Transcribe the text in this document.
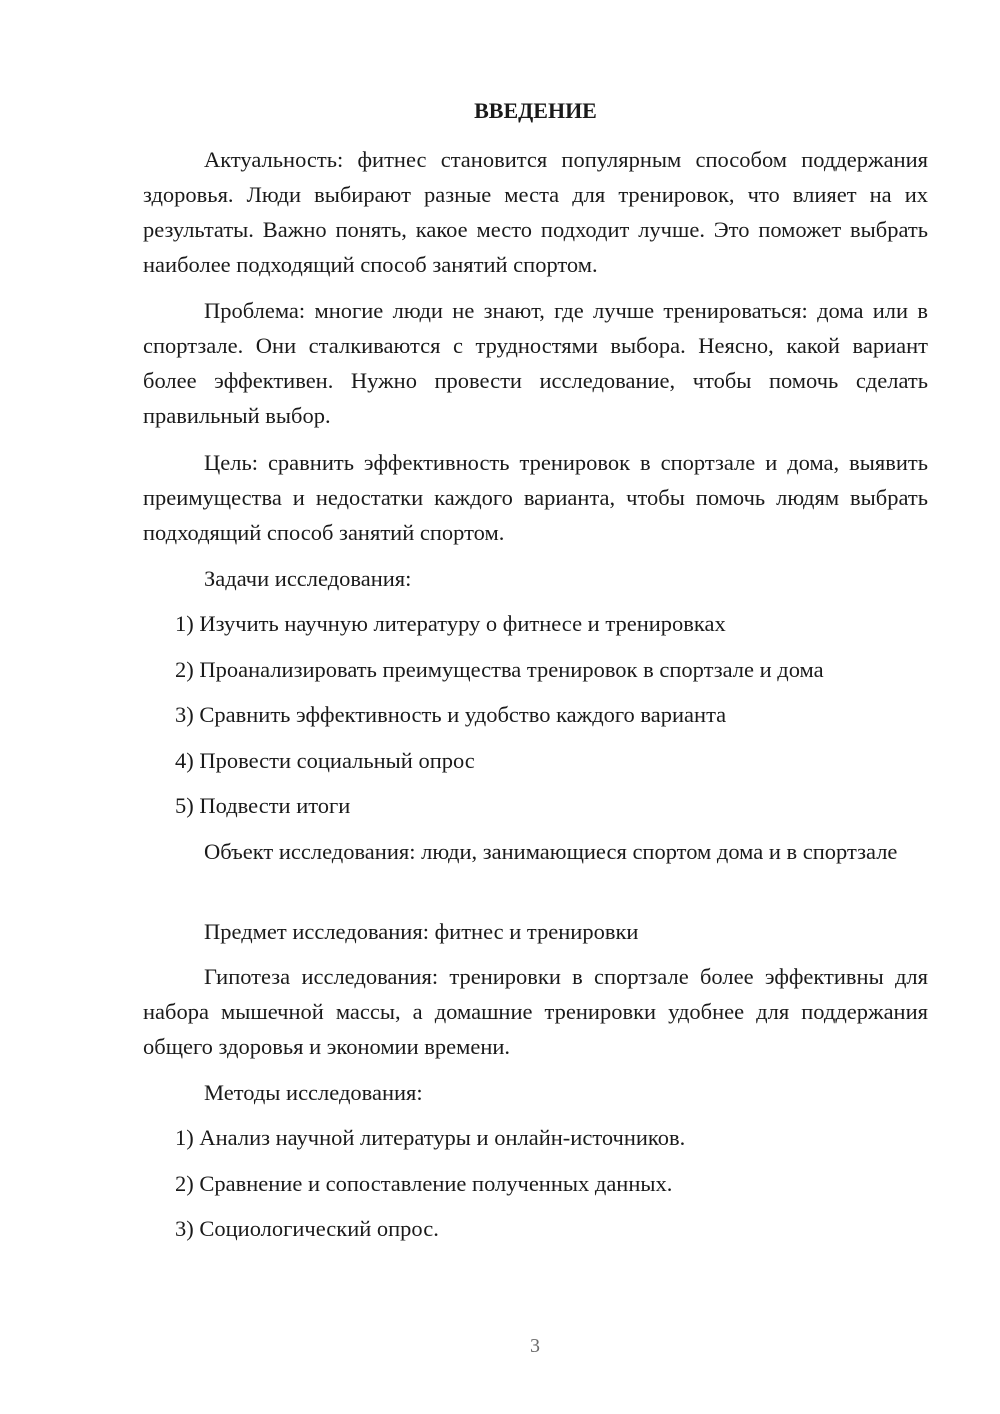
ВВЕДЕНИЕ

Актуальность: фитнес становится популярным способом поддержания здоровья. Люди выбирают разные места для тренировок, что влияет на их результаты. Важно понять, какое место подходит лучше. Это поможет выбрать наиболее подходящий способ занятий спортом.

Проблема: многие люди не знают, где лучше тренироваться: дома или в спортзале. Они сталкиваются с трудностями выбора. Неясно, какой вариант более эффективен. Нужно провести исследование, чтобы помочь сделать правильный выбор.

Цель: сравнить эффективность тренировок в спортзале и дома, выявить преимущества и недостатки каждого варианта, чтобы помочь людям выбрать подходящий способ занятий спортом.

Задачи исследования:

1) Изучить научную литературу о фитнесе и тренировках

2) Проанализировать преимущества тренировок в спортзале и дома

3) Сравнить эффективность и удобство каждого варианта

4) Провести социальный опрос

5) Подвести итоги

Объект исследования: люди, занимающиеся спортом дома и в спортзале

Предмет исследования: фитнес и тренировки

Гипотеза исследования: тренировки в спортзале более эффективны для набора мышечной массы, а домашние тренировки удобнее для поддержания общего здоровья и экономии времени.

Методы исследования:

1) Анализ научной литературы и онлайн-источников.

2) Сравнение и сопоставление полученных данных.

3) Социологический опрос.

3
